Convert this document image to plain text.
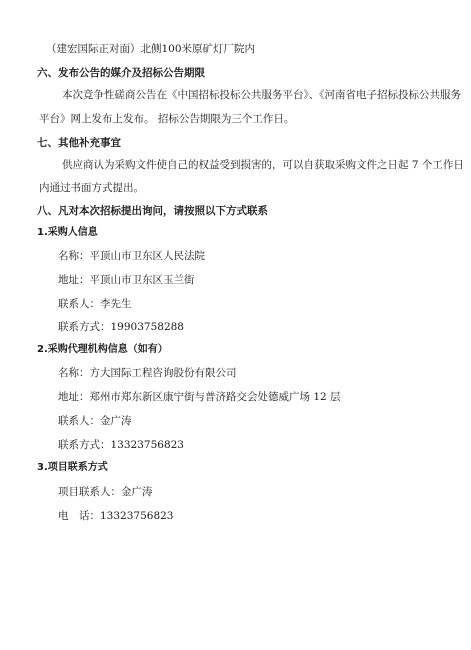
（建宏国际正对面）北侧100米原矿灯厂院内
六、发布公告的媒介及招标公告期限
本次竞争性磋商公告在《中国招标投标公共服务平台》、《河南省电子招标投标公共服务
平台》网上发布上发布。 招标公告期限为三个工作日。
七、其他补充事宜
供应商认为采购文件使自己的权益受到损害的，可以自获取采购文件之日起 7 个工作日
内通过书面方式提出。
八、凡对本次招标提出询问，请按照以下方式联系
1.采购人信息
名称：平顶山市卫东区人民法院
地址：平顶山市卫东区玉兰街
联系人：李先生
联系方式：19903758288
2.采购代理机构信息（如有）
名称：方大国际工程咨询股份有限公司
地址：郑州市郑东新区康宁街与普济路交会处德威广场 12 层
联系人：金广涛
联系方式：13323756823
3.项目联系方式
项目联系人：金广涛
电　话：13323756823
